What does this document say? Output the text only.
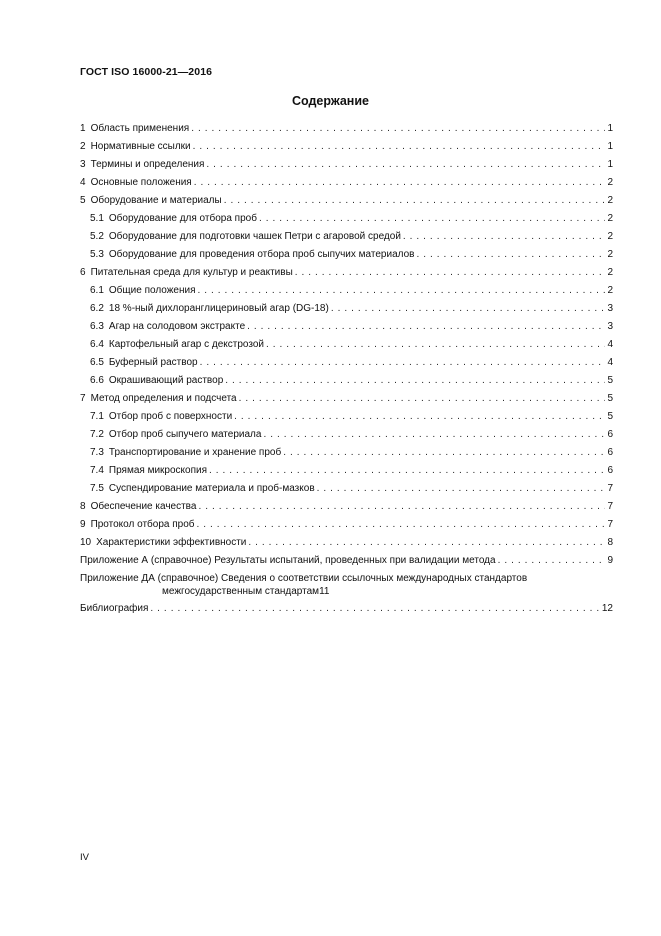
ГОСТ ISO 16000-21—2016
Содержание
1 Область применения . . .	1
2 Нормативные ссылки . . .	1
3 Термины и определения . . .	1
4 Основные положения . . .	2
5 Оборудование и материалы . . .	2
5.1 Оборудование для отбора проб . . .	2
5.2 Оборудование для подготовки чашек Петри с агаровой средой . . .	2
5.3 Оборудование для проведения отбора проб сыпучих материалов . . .	2
6 Питательная среда для культур и реактивы . . .	2
6.1 Общие положения . . .	2
6.2 18 %-ный дихлоранглицериновый агар (DG-18) . . .	3
6.3 Агар на солодовом экстракте . . .	3
6.4 Картофельный агар с декстрозой . . .	4
6.5 Буферный раствор . . .	4
6.6 Окрашивающий раствор . . .	5
7 Метод определения и подсчета . . .	5
7.1 Отбор проб с поверхности . . .	5
7.2 Отбор проб сыпучего материала . . .	6
7.3 Транспортирование и хранение проб . . .	6
7.4 Прямая микроскопия . . .	6
7.5 Суспендирование материала и проб-мазков . . .	7
8 Обеспечение качества . . .	7
9 Протокол отбора проб . . .	7
10 Характеристики эффективности . . .	8
Приложение А (справочное) Результаты испытаний, проведенных при валидации метода . . .	9
Приложение ДА (справочное) Сведения о соответствии ссылочных международных стандартов
межгосударственным стандартам 11
Библиография . . .	12
IV
